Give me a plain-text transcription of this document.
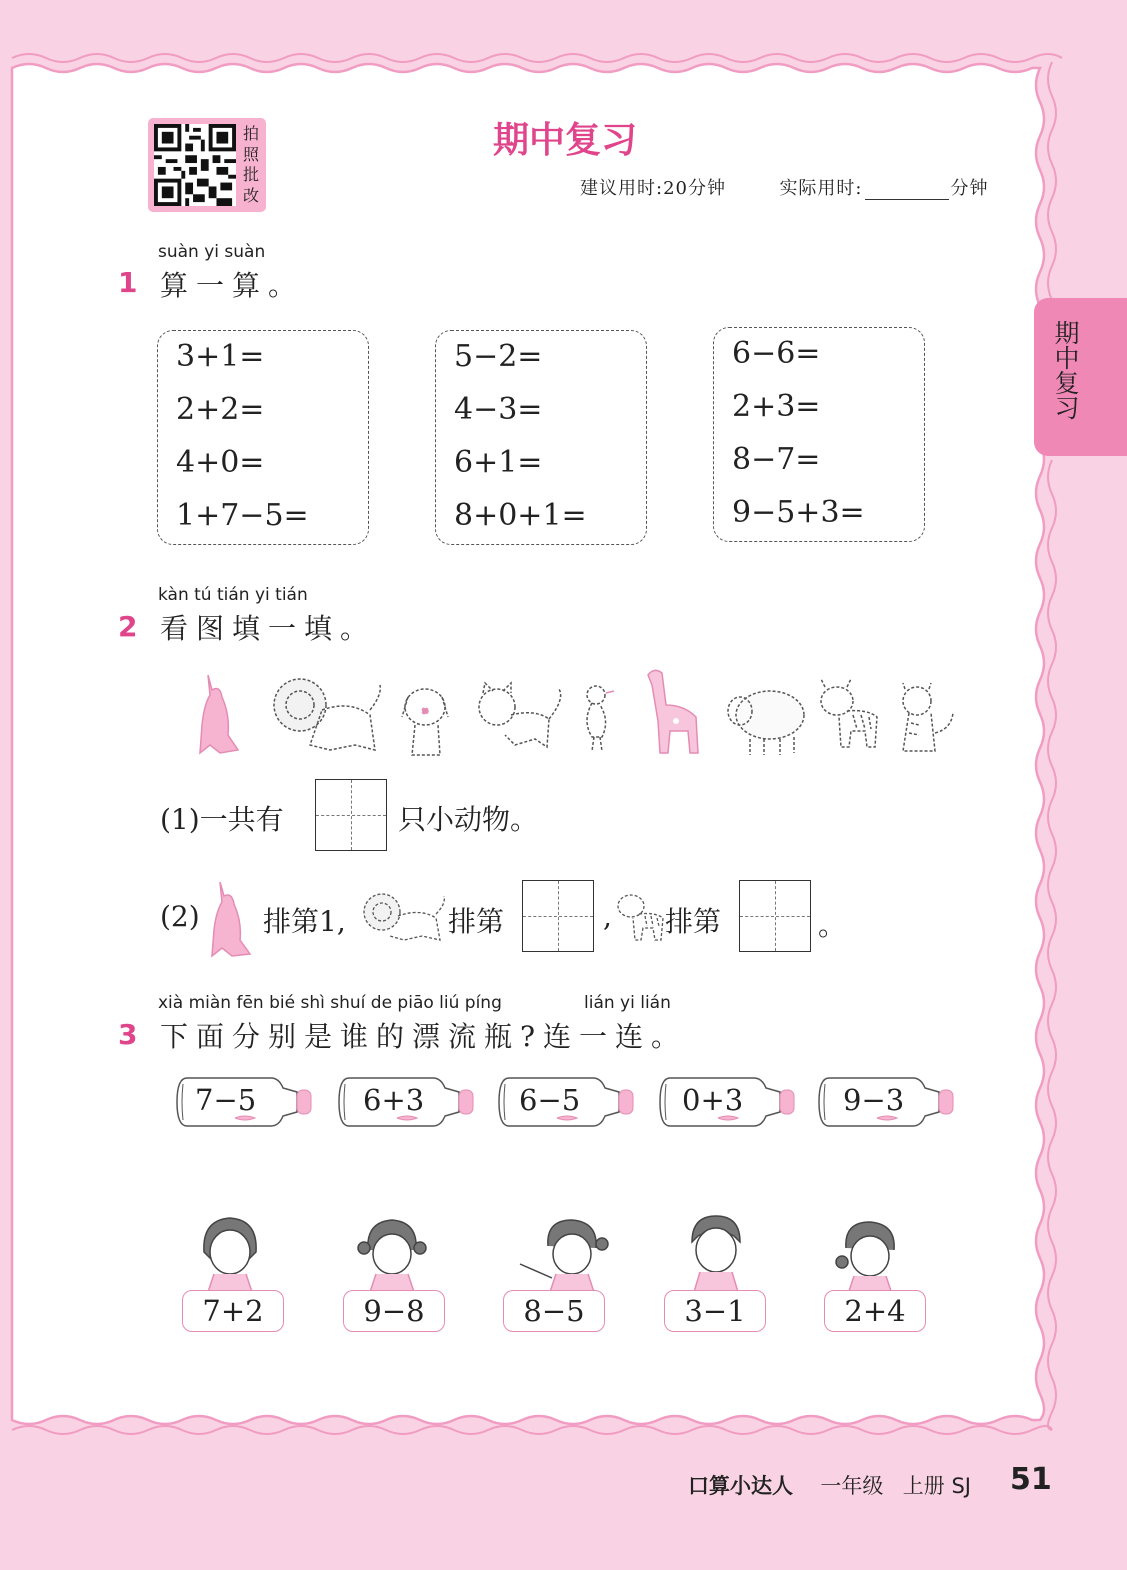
期中复习
拍
照
批
改	建议用时:20分钟	实际用时:	分钟
期中复习
suàn yi suàn
1 算一算。
3+1=
2+2=
4+0=
1+7−5=
5−2=
4−3=
6+1=
8+0+1=
6−6=
2+3=
8−7=
9−5+3=
kàn tú tián yi tián
2 看图填一填。
(1)一共有	只小动物。
(2) 排第1,	排第	, 排第	。
xià miàn fēn bié shì shuí de piāo liú píng	lián yi lián
3 下面分别是谁的漂流瓶?连一连。
7−5	6+3	6−5	0+3	9−3
7+2	9−8	8−5	3−1	2+4
口算小达人 一年级 上册 SJ 51
